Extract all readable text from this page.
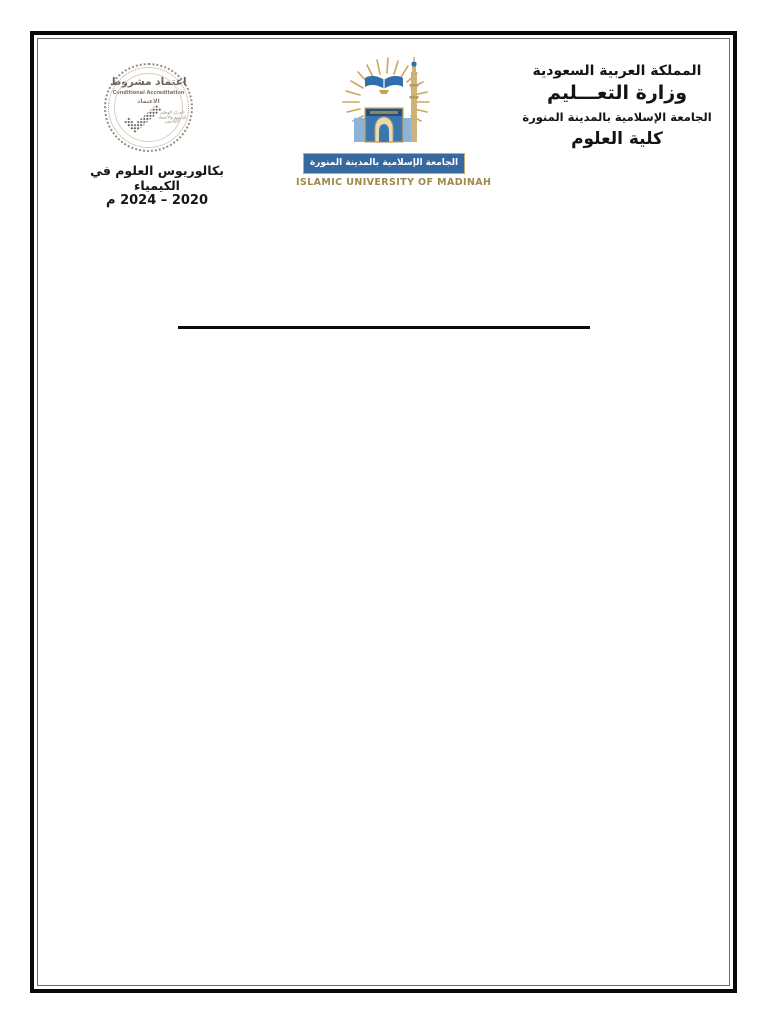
اعتماد مشروط
Conditional Accreditation
الاعتماد
المركز الوطني
للتقويم والاعتماد
الأكاديمي
بكالوريوس العلوم في الكيمياء
2020 – 2024 م
الجامعة الإسلامية بالمدينة المنورة
ISLAMIC UNIVERSITY OF MADINAH
المملكة العربية السعودية
وزارة التعـــليم
الجامعة الإسلامية بالمدينة المنورة
كلية العلوم
